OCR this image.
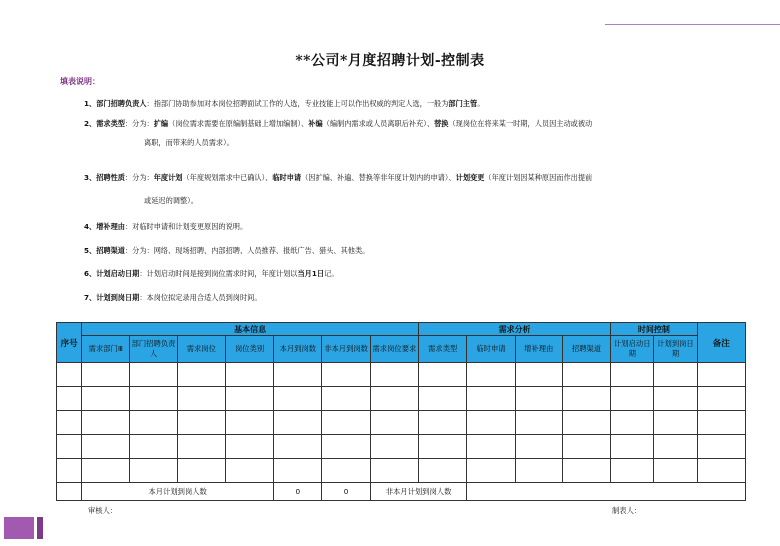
**公司*月度招聘计划-控制表
填表说明：
1、部门招聘负责人：指部门协助参加对本岗位招聘面试工作的人选，专业技能上可以作出权威的判定人选，一般为部门主管。
2、需求类型：分为：扩编（岗位需求需要在原编制基础上增加编制）、补编（编制内需求或人员离职后补充）、替换（现岗位在将来某一时期，人员因主动或被动
离职，而带来的人员需求）。
3、招聘性质：分为：年度计划（年度规划需求中已确认）、临时申请（因扩编、补遍、替换等非年度计划内的申请）、计划变更（年度计划因某种原因而作出提前
或延迟的调整）。
4、增补理由：对临时申请和计划变更原因的说明。
5、招聘渠道：分为：网络、现场招聘、内部招聘、人员推荐、报纸广告、猎头、其他类。
6、计划启动日期：计划启动时间是接到岗位需求时间，年度计划以当月1日记。
7、计划到岗日期：本岗位拟定录用合适人员到岗时间。
序号	基本信息							需求分析				时间控制		备注
	需求部门Ⅲ	部门招聘负责人	需求岗位	岗位类别	本月到岗数	非本月到岗数	需求岗位要求	需求类型	临时申请	增补理由	招聘渠道	计划启动日期	计划到岗日期	

	本月计划到岗人数				0	0	非本月计划到岗人数							
审核人：	制表人：
